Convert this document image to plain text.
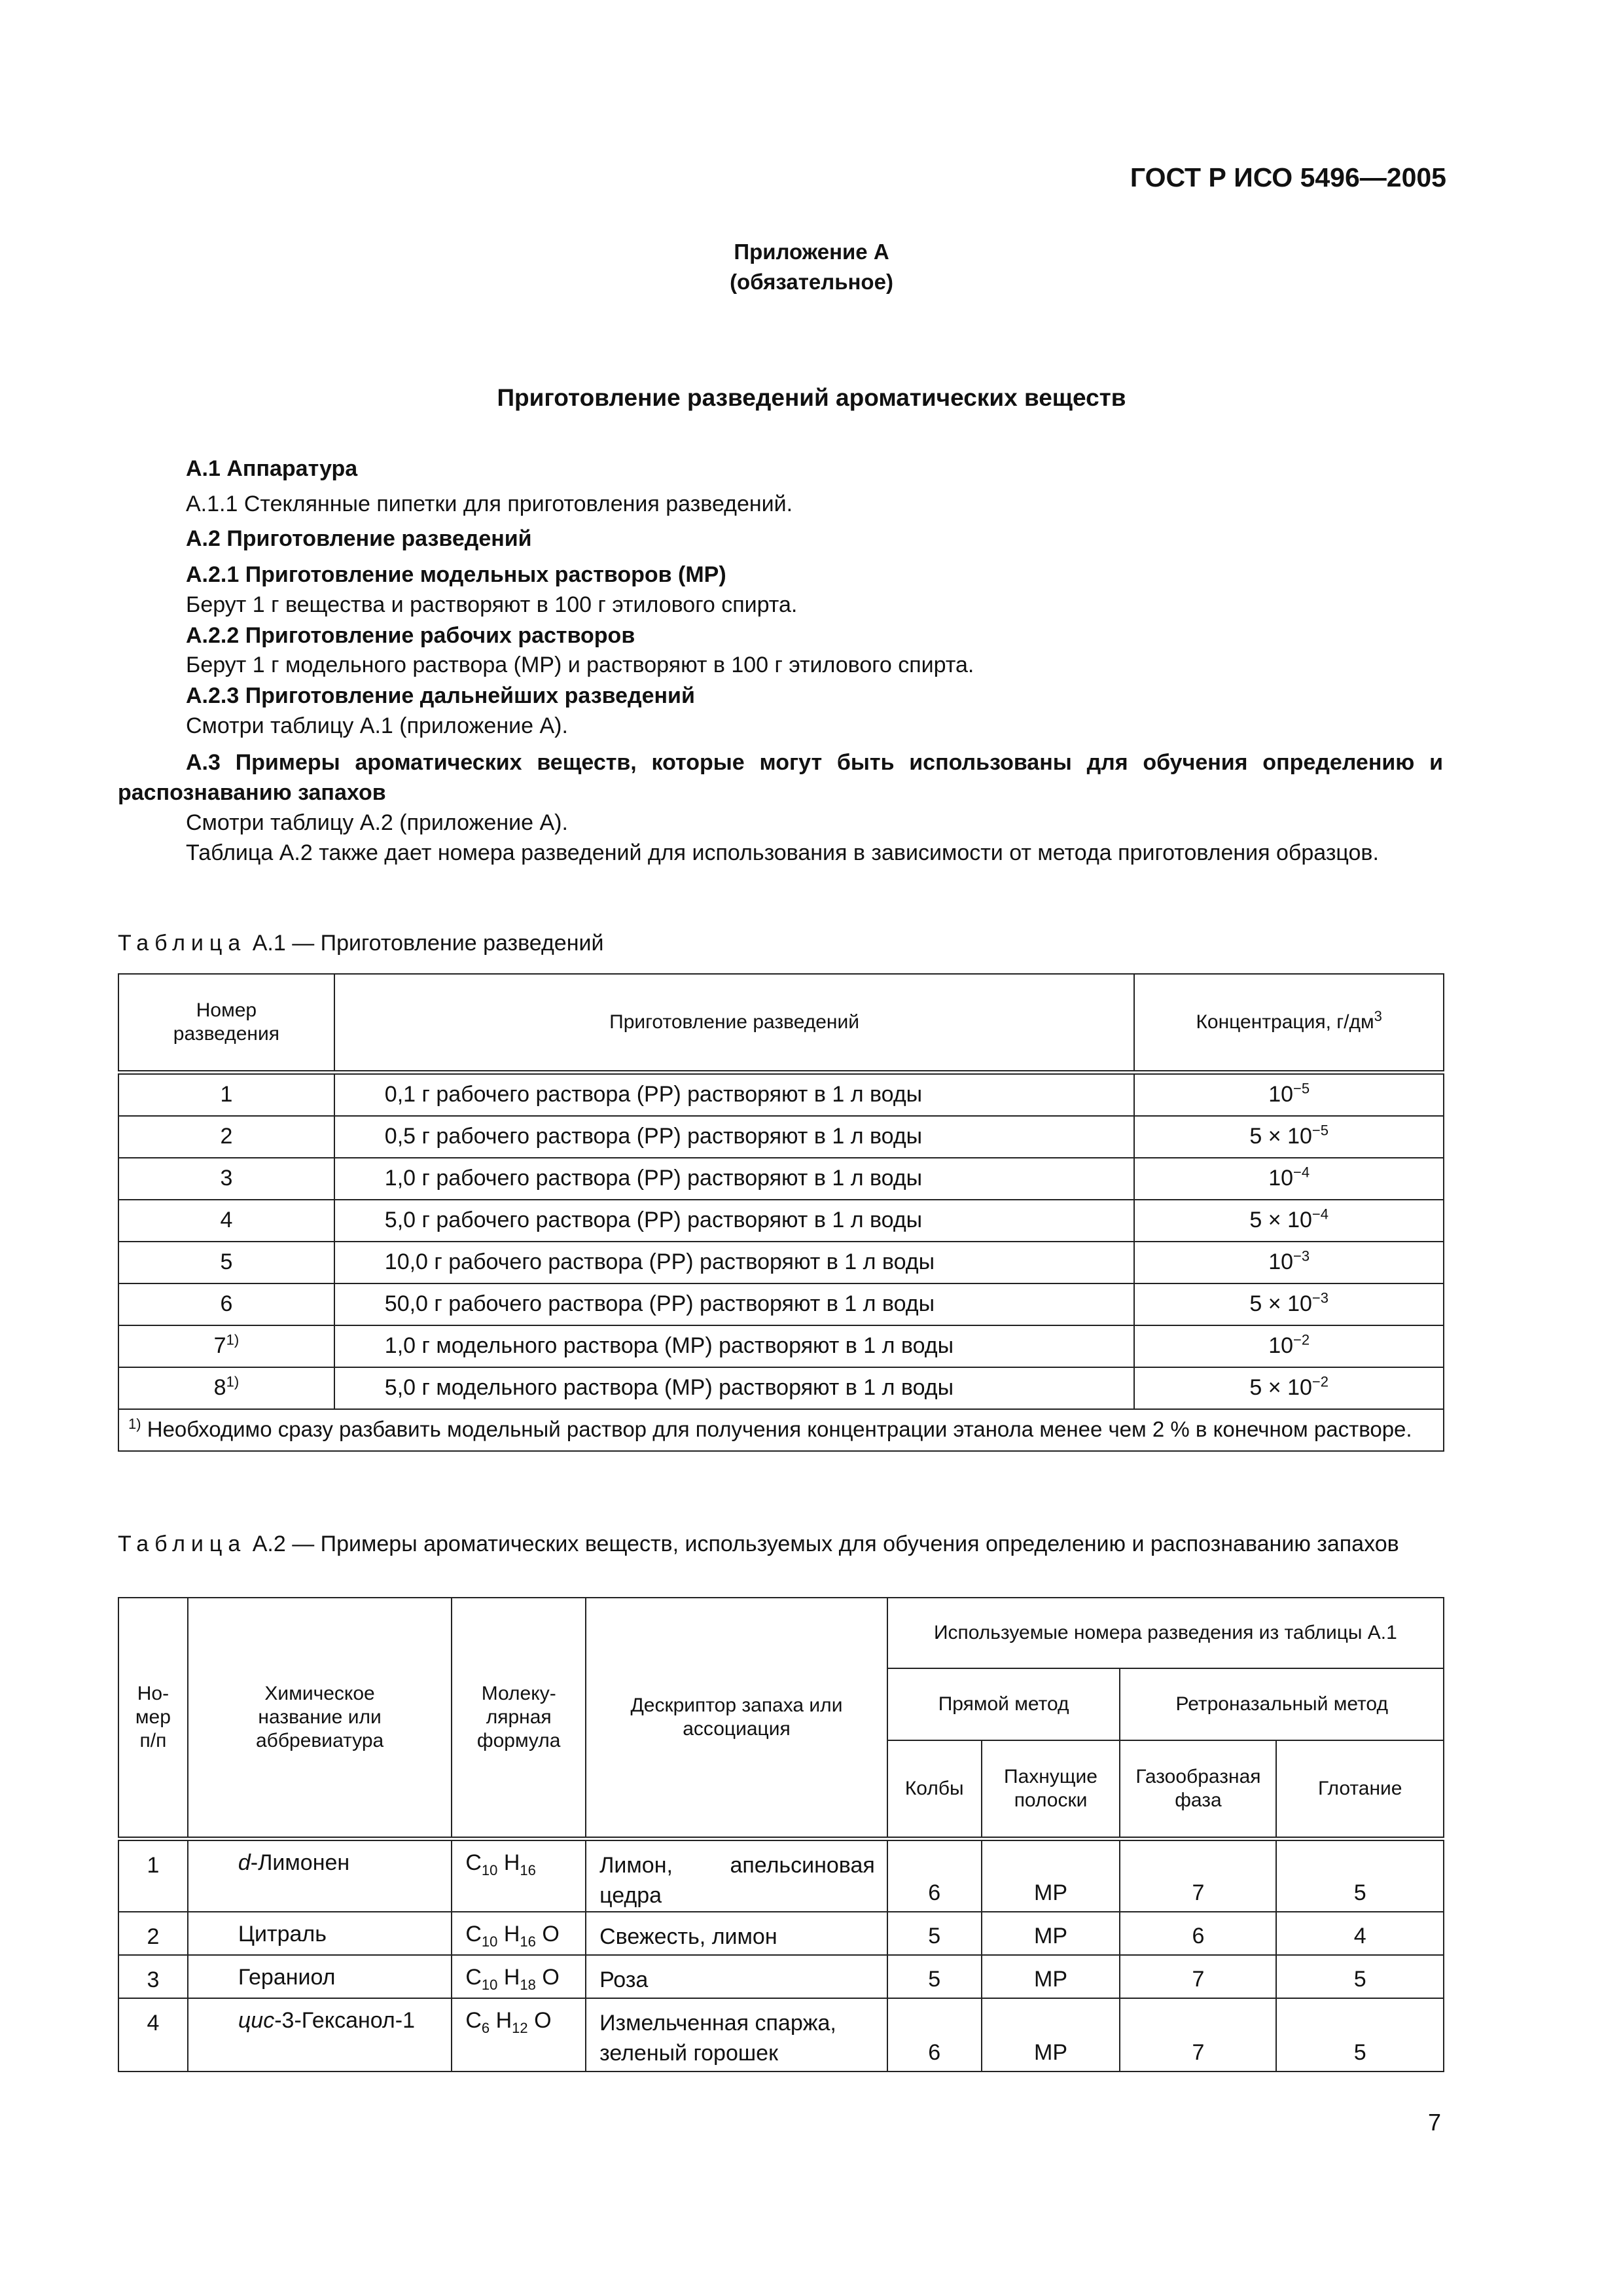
ГОСТ Р ИСО 5496—2005
Приложение А
(обязательное)
Приготовление разведений ароматических веществ
А.1 Аппаратура
А.1.1 Стеклянные пипетки для приготовления разведений.
А.2 Приготовление разведений
А.2.1 Приготовление модельных растворов (МР)
Берут 1 г вещества и растворяют в 100 г этилового спирта.
А.2.2 Приготовление рабочих растворов
Берут 1 г модельного раствора (МР) и растворяют в 100 г этилового спирта.
А.2.3 Приготовление дальнейших разведений
Смотри таблицу А.1 (приложение А).
А.3 Примеры ароматических веществ, которые могут быть использованы для обучения определению и распознаванию запахов
Смотри таблицу А.2 (приложение А).
Таблица А.2 также дает номера разведений для использования в зависимости от метода приготовления образцов.
Таблица А.1 — Приготовление разведений
Номер разведения	Приготовление разведений	Концентрация, $г/дм^3$
1	0,1 г рабочего раствора (РР) растворяют в 1 л воды	$10^{-5}$
2	0,5 г рабочего раствора (РР) растворяют в 1 л воды	$5 \times 10^{-5}$
3	1,0 г рабочего раствора (РР) растворяют в 1 л воды	$10^{-4}$
4	5,0 г рабочего раствора (РР) растворяют в 1 л воды	$5 \times 10^{-4}$
5	10,0 г рабочего раствора (РР) растворяют в 1 л воды	$10^{-3}$
6	50,0 г рабочего раствора (РР) растворяют в 1 л воды	$5 \times 10^{-3}$
7$^{1)}$	1,0 г модельного раствора (МР) растворяют в 1 л воды	$10^{-2}$
8$^{1)}$	5,0 г модельного раствора (МР) растворяют в 1 л воды	$5 \times 10^{-2}$
$^{1)}$ Необходимо сразу разбавить модельный раствор для получения концентрации этанола менее чем 2 % в конечном растворе.		
Таблица А.2 — Примеры ароматических веществ, используемых для обучения определению и распознаванию запахов
Но-мер п/п	Химическое название или аббревиатура	Молеку-лярная формула	Дескриптор запаха или ассоциация	Используемые номера разведения из таблицы А.1			
				Прямой метод		Ретроназальный метод	
				Колбы	Пахнущие полоски	Газообразная фаза	Глотание
1	d-Лимонен	$C_{10}$ $H_{16}$	Лимон, апельсиновая цедра	6	МР	7	5
2	Цитраль	$C_{10}$ $H_{16}$ O	Свежесть, лимон	5	МР	6	4
3	Гераниол	$C_{10}$ $H_{18}$ O	Роза	5	МР	7	5
4	цис-3-Гексанол-1	$C_6$ $H_{12}$ O	Измельченная спаржа, зеленый горошек	6	МР	7	5
7
